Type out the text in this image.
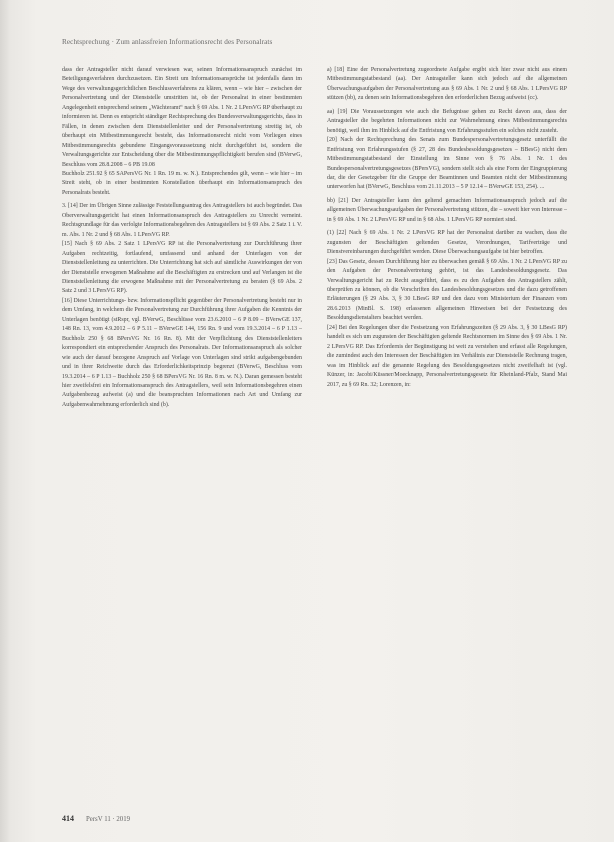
Rechtsprechung · Zum anlassfreien Informationsrecht des Personalrats

dass der Antragsteller nicht darauf verwiesen war, seinen Informationsanspruch zunächst im Beteiligungsverfahren durchzusetzen. Ein Streit um Informationsansprüche ist jedenfalls dann im Wege des verwaltungsgerichtlichen Beschlussverfahrens zu klären, wenn – wie hier – zwischen der Personalvertretung und der Dienststelle umstritten ist, ob der Personalrat in einer bestimmten Angelegenheit entsprechend seinem „Wächteramt“ nach § 69 Abs. 1 Nr. 2 LPersVG RP überhaupt zu informieren ist. Denn es entspricht ständiger Rechtsprechung des Bundesverwaltungsgerichts, dass in Fällen, in denen zwischen dem Dienststellenleiter und der Personalvertretung streitig ist, ob überhaupt ein Mitbestimmungsrecht besteht, das Informationsrecht nicht vom Vorliegen eines Mitbestimmungsrechts gebundene Eingangsvoraussetzung nicht durchgeführt ist, sondern die Verwaltungsgerichte zur Entscheidung über die Mitbestimmungspflichtigkeit berufen sind (BVerwG, Beschluss vom 28.8.2008 – 6 PB 19.08

Buchholz 251.92 § 65 SAPersVG Nr. 1 Rn. 19 m. w. N.). Entsprechendes gilt, wenn – wie hier – im Streit steht, ob in einer bestimmten Konstellation überhaupt ein Informationsanspruch des Personalrats besteht.

3. [14] Der im Übrigen Sinne zulässige Feststellungsantrag des Antragstellers ist auch begründet. Das Oberverwaltungsgericht hat einen Informationsanspruch des Antragstellers zu Unrecht verneint. Rechtsgrundlage für das verfolgte Informationsbegehren des Antragstellers ist § 69 Abs. 2 Satz 1 i. V. m. Abs. 1 Nr. 2 und § 68 Abs. 1 LPersVG RP.

[15] Nach § 69 Abs. 2 Satz 1 LPersVG RP ist die Personalvertretung zur Durchführung ihrer Aufgaben rechtzeitig, fortlaufend, umfassend und anhand der Unterlagen von der Dienststellenleitung zu unterrichten. Die Unterrichtung hat sich auf sämtliche Auswirkungen der von der Dienststelle erwogenen Maßnahme auf die Beschäftigten zu erstrecken und auf Verlangen ist die Dienststellenleitung die erwogene Maßnahme mit der Personalvertretung zu beraten (§ 69 Abs. 2 Satz 2 und 3 LPersVG RP).

[16] Diese Unterrichtungs- bzw. Informationspflicht gegenüber der Personalvertretung besteht nur in dem Umfang, in welchem die Personalvertretung zur Durchführung ihrer Aufgaben die Kenntnis der Unterlagen benötigt (stRspr, vgl. BVerwG, Beschlüsse vom 23.6.2010 – 6 P 8.09 – BVerwGE 137, 148 Rn. 13, vom 4.9.2012 – 6 P 5.11 – BVerwGE 144, 156 Rn. 9 und vom 19.3.2014 – 6 P 1.13 – Buchholz 250 § 68 BPersVG Nr. 16 Rn. 8). Mit der Verpflichtung des Dienststellenleiters korrespondiert ein entsprechender Anspruch des Personalrats. Der Informationsanspruch als solcher wie auch der darauf bezogene Anspruch auf Vorlage von Unterlagen sind strikt aufgabengebunden und in ihrer Reichweite durch das Erforderlichkeitsprinzip begrenzt (BVerwG, Beschluss vom 19.3.2014 – 6 P 1.13 – Buchholz 250 § 68 BPersVG Nr. 16 Rn. 8 m. w. N.). Daran gemessen besteht hier zweifelsfrei ein Informationsanspruch des Antragstellers, weil sein Informationsbegehren einen Aufgabenbezug aufweist (a) und die beanspruchten Informationen nach Art und Umfang zur Aufgabenwahrnehmung erforderlich sind (b).

a) [18] Eine der Personalvertretung zugeordnete Aufgabe ergibt sich hier zwar nicht aus einem Mitbestimmungstatbestand (aa). Der Antragsteller kann sich jedoch auf die allgemeinen Überwachungsaufgaben der Personalvertretung aus § 69 Abs. 1 Nr. 2 und § 68 Abs. 1 LPersVG RP stützen (bb), zu denen sein Informationsbegehren den erforderlichen Bezug aufweist (cc).

aa) [19] Die Voraussetzungen wie auch die Befugnisse gehen zu Recht davon aus, dass der Antragsteller die begehrten Informationen nicht zur Wahrnehmung eines Mitbestimmungsrechts benötigt, weil ihm im Hinblick auf die Entfristung von Erfahrungsstufen ein solches nicht zusteht.

[20] Nach der Rechtsprechung des Senats zum Bundespersonalvertretungsgesetz unterfällt die Entfristung von Erfahrungsstufen (§ 27, 28 des Bundesbesoldungsgesetzes – BBesG) nicht dem Mitbestimmungstatbestand der Einstellung im Sinne von § 76 Abs. 1 Nr. 1 des Bundespersonalvertretungsgesetzes (BPersVG), sondern stellt sich als eine Form der Eingruppierung dar, die der Gesetzgeber für die Gruppe der Beamtinnen und Beamten nicht der Mitbestimmung unterworfen hat (BVerwG, Beschluss vom 21.11.2013 – 5 P 12.14 – BVerwGE 153, 254). ...

bb) [21] Der Antragsteller kann den geltend gemachten Informationsanspruch jedoch auf die allgemeinen Überwachungsaufgaben der Personalvertretung stützen, die – soweit hier von Interesse – in § 69 Abs. 1 Nr. 2 LPersVG RP und in § 68 Abs. 1 LPersVG RP normiert sind.

(1) [22] Nach § 69 Abs. 1 Nr. 2 LPersVG RP hat der Personalrat darüber zu wachen, dass die zugunsten der Beschäftigten geltenden Gesetze, Verordnungen, Tarifverträge und Dienstvereinbarungen durchgeführt werden. Diese Überwachungsaufgabe ist hier betroffen.

[23] Das Gesetz, dessen Durchführung hier zu überwachen gemäß § 69 Abs. 1 Nr. 2 LPersVG RP zu den Aufgaben der Personalvertretung gehört, ist das Landesbesoldungsgesetz. Das Verwaltungsgericht hat zu Recht ausgeführt, dass es zu den Aufgaben des Antragstellers zählt, überprüfen zu können, ob die Vorschriften des Landesbesoldungsgesetzes und die dazu getroffenen Erläuterungen (§ 29 Abs. 3, § 30 LBesG RP und den dazu vom Ministerium der Finanzen vom 28.6.2013 (MinBl. S. 198) erlassenen allgemeinen Hinweisen bei der Festsetzung des Besoldungsdienstalters beachtet werden.

[24] Bei den Regelungen über die Festsetzung von Erfahrungszeiten (§ 29 Abs. 3, § 30 LBesG RP) handelt es sich um zugunsten der Beschäftigten geltende Rechtsnormen im Sinne des § 69 Abs. 1 Nr. 2 LPersVG RP. Das Erfordernis der Begünstigung ist weit zu verstehen und erfasst alle Regelungen, die zumindest auch den Interessen der Beschäftigten im Verhältnis zur Dienststelle Rechnung tragen, was im Hinblick auf die genannte Regelung des Besoldungsgesetzes nicht zweifelhaft ist (vgl. Künzer, in: Jacobi/Küssner/Moecknapp, Personalvertretungsgesetz für Rheinland-Pfalz, Stand Mai 2017, zu § 69 Rn. 32; Lorenzen, in:

414 PersV 11 · 2019
